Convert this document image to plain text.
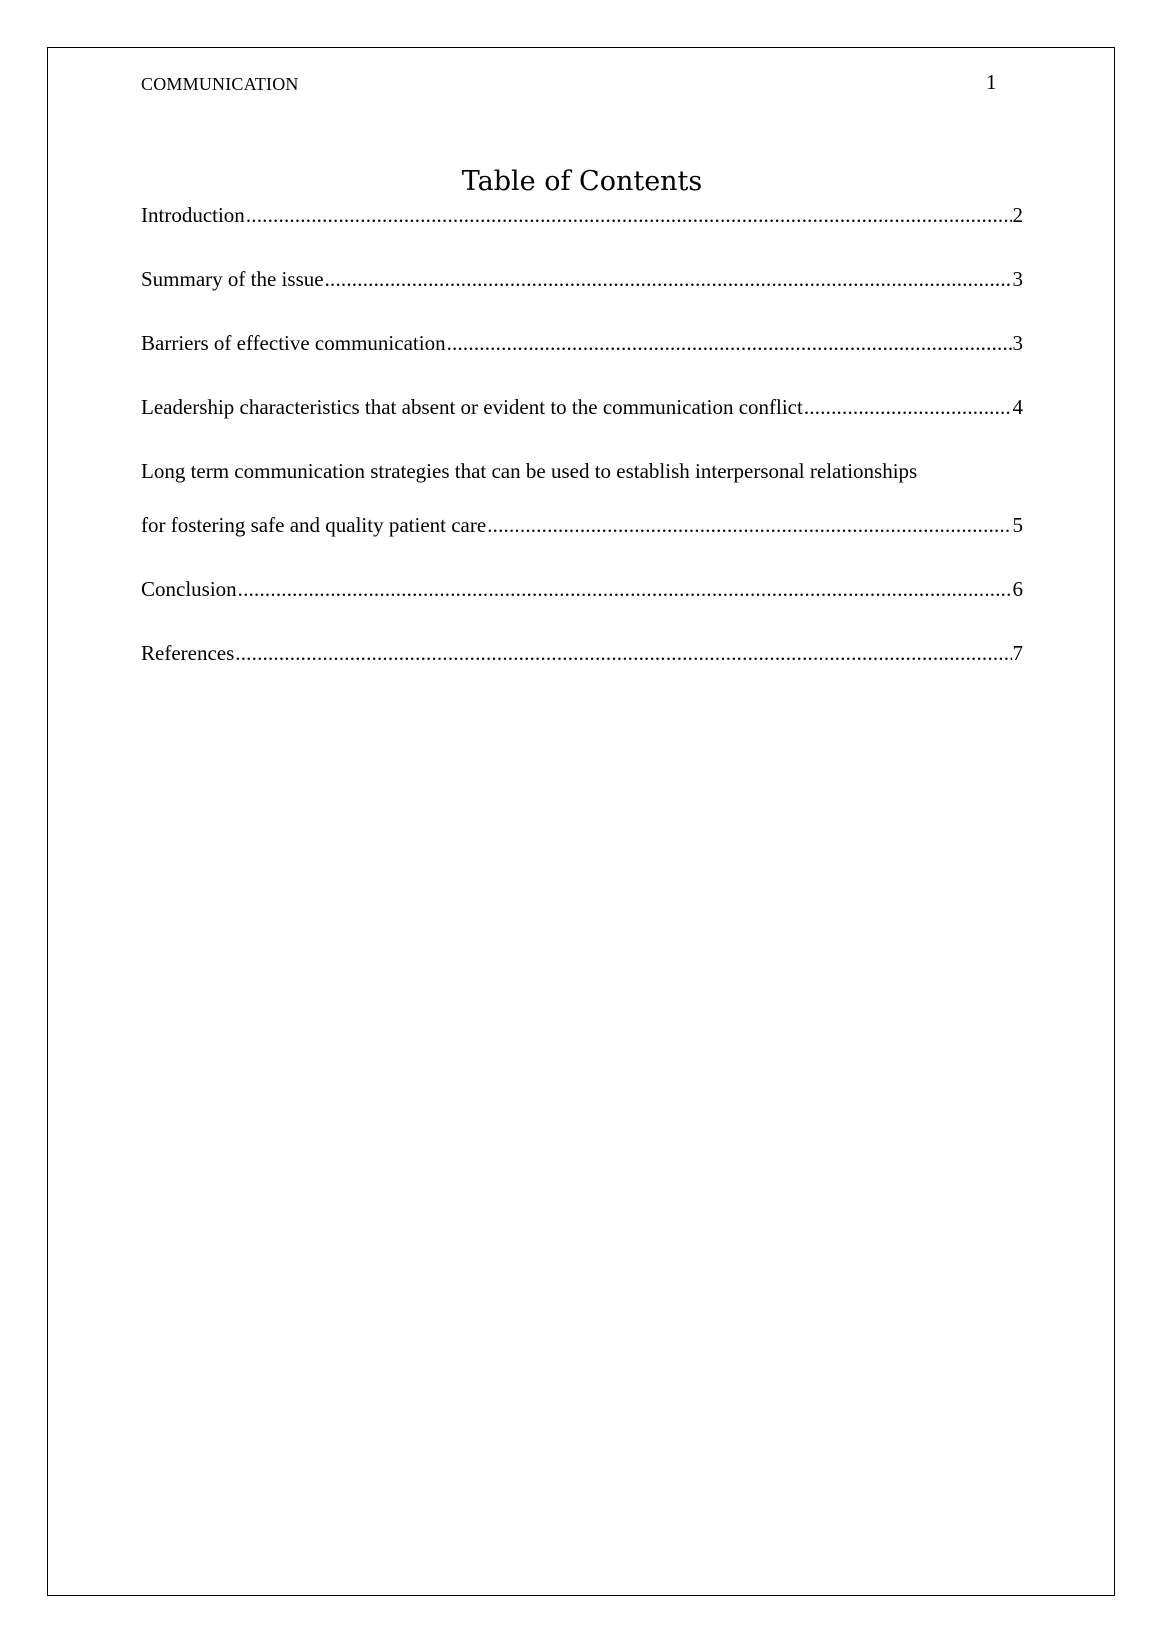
COMMUNICATION	1
Table of Contents
Introduction .....	2
Summary of the issue .....	3
Barriers of effective communication .....	3
Leadership characteristics that absent or evident to the communication conflict .....	4
Long term communication strategies that can be used to establish interpersonal relationships
for fostering safe and quality patient care .....	5
Conclusion .....	6
References .....	7
